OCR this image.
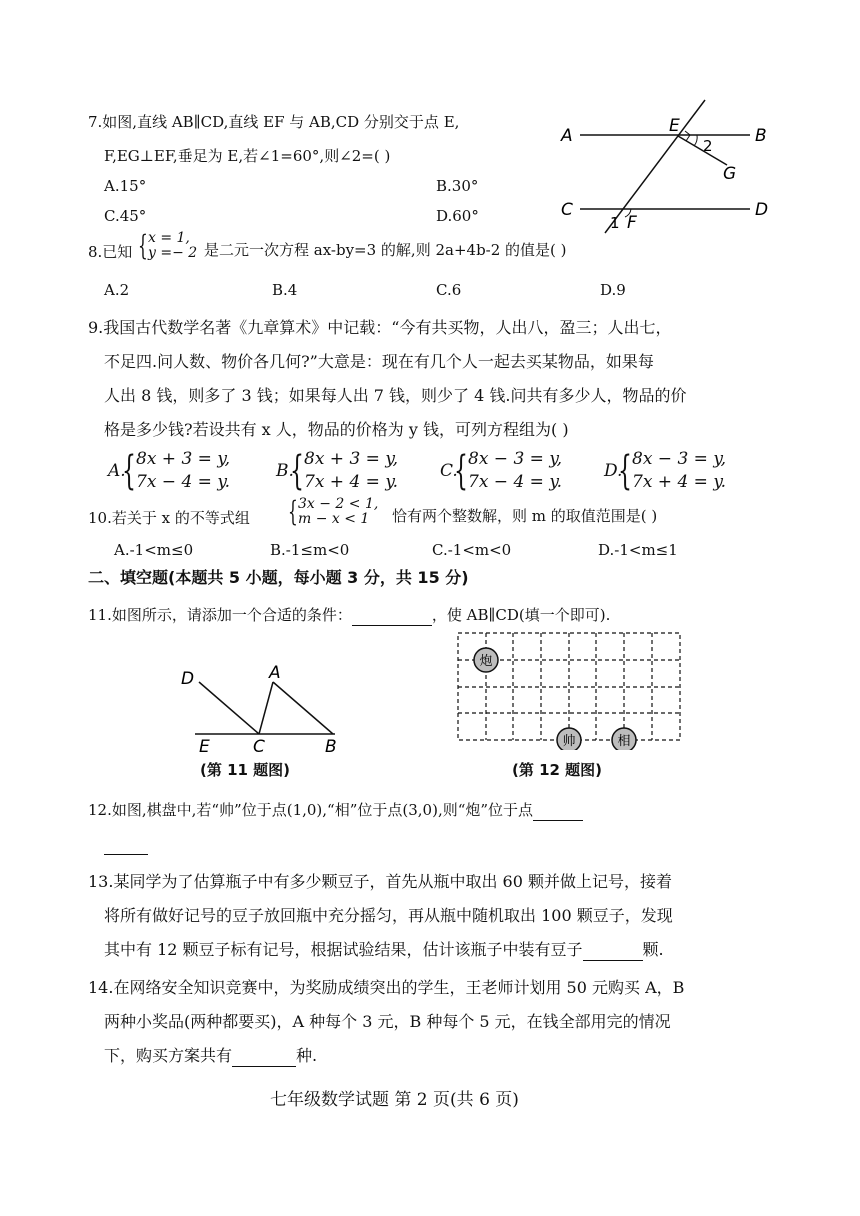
7.如图,直线 AB∥CD,直线 EF 与 AB,CD 分别交于点 E,
F,EG⊥EF,垂足为 E,若∠1=60°,则∠2=( )
A.15°	B.30°
C.45°	D.60°
A	B
E
2
G
C	D
1 F
8.已知 { x = 1,
y =− 2 是二元一次方程 ax-by=3 的解,则 2a+4b-2 的值是( )
A.2	B.4	C.6	D.9
9.我国古代数学名著《九章算术》中记载：“今有共买物，人出八，盈三；人出七，
不足四.问人数、物价各几何?”大意是：现在有几个人一起去买某物品，如果每
人出 8 钱，则多了 3 钱；如果每人出 7 钱，则少了 4 钱.问共有多少人，物品的价
格是多少钱?若设共有 x 人，物品的价格为 y 钱，可列方程组为( )
A.
{ 8x + 3 = y,
7x − 4 = y.
B.
{ 8x + 3 = y,
7x + 4 = y.
C.
{ 8x − 3 = y,
7x − 4 = y.
D.
{ 8x − 3 = y,
7x + 4 = y.
10.若关于 x 的不等式组 { 3x − 2 < 1,
m − x < 1 恰有两个整数解，则 m 的取值范围是( )
A.-1<m≤0	B.-1≤m<0	C.-1<m<0	D.-1<m≤1
二、填空题(本题共 5 小题，每小题 3 分，共 15 分)
11.如图所示，请添加一个合适的条件：	，使 AB∥CD(填一个即可).
D	A
E	C	B
(第 11 题图)
炮
帅	相
(第 12 题图)
12.如图,棋盘中,若“帅”位于点(1,0),“相”位于点(3,0),则“炮”位于点

13.某同学为了估算瓶子中有多少颗豆子，首先从瓶中取出 60 颗并做上记号，接着
将所有做好记号的豆子放回瓶中充分摇匀，再从瓶中随机取出 100 颗豆子，发现
其中有 12 颗豆子标有记号，根据试验结果，估计该瓶子中装有豆子	颗.
14.在网络安全知识竞赛中，为奖励成绩突出的学生，王老师计划用 50 元购买 A，B
两种小奖品(两种都要买)，A 种每个 3 元，B 种每个 5 元，在钱全部用完的情况
下，购买方案共有	种.
七年级数学试题 第 2 页(共 6 页)
